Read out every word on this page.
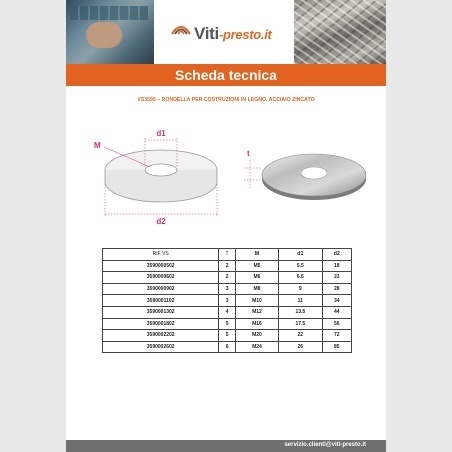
Viti-presto.it
Scheda tecnica
VS3590 – RONDELLA PER COSTRUZIONI IN LEGNO, ACCIAIO ZINCATO
d1
d2
M
t
RIF VS	T	M	d1	d2
3590000502	2	M5	5.5	18
3590000602	2	M6	6.6	22
3590000902	3	M8	9	28
3590001102	3	M10	11	34
3590001302	4	M12	13.5	44
3590001802	5	M16	17.5	56
3590002202	5	M20	22	72
3590002602	6	M24	26	85
servizio.clienti@viti-presto.it
